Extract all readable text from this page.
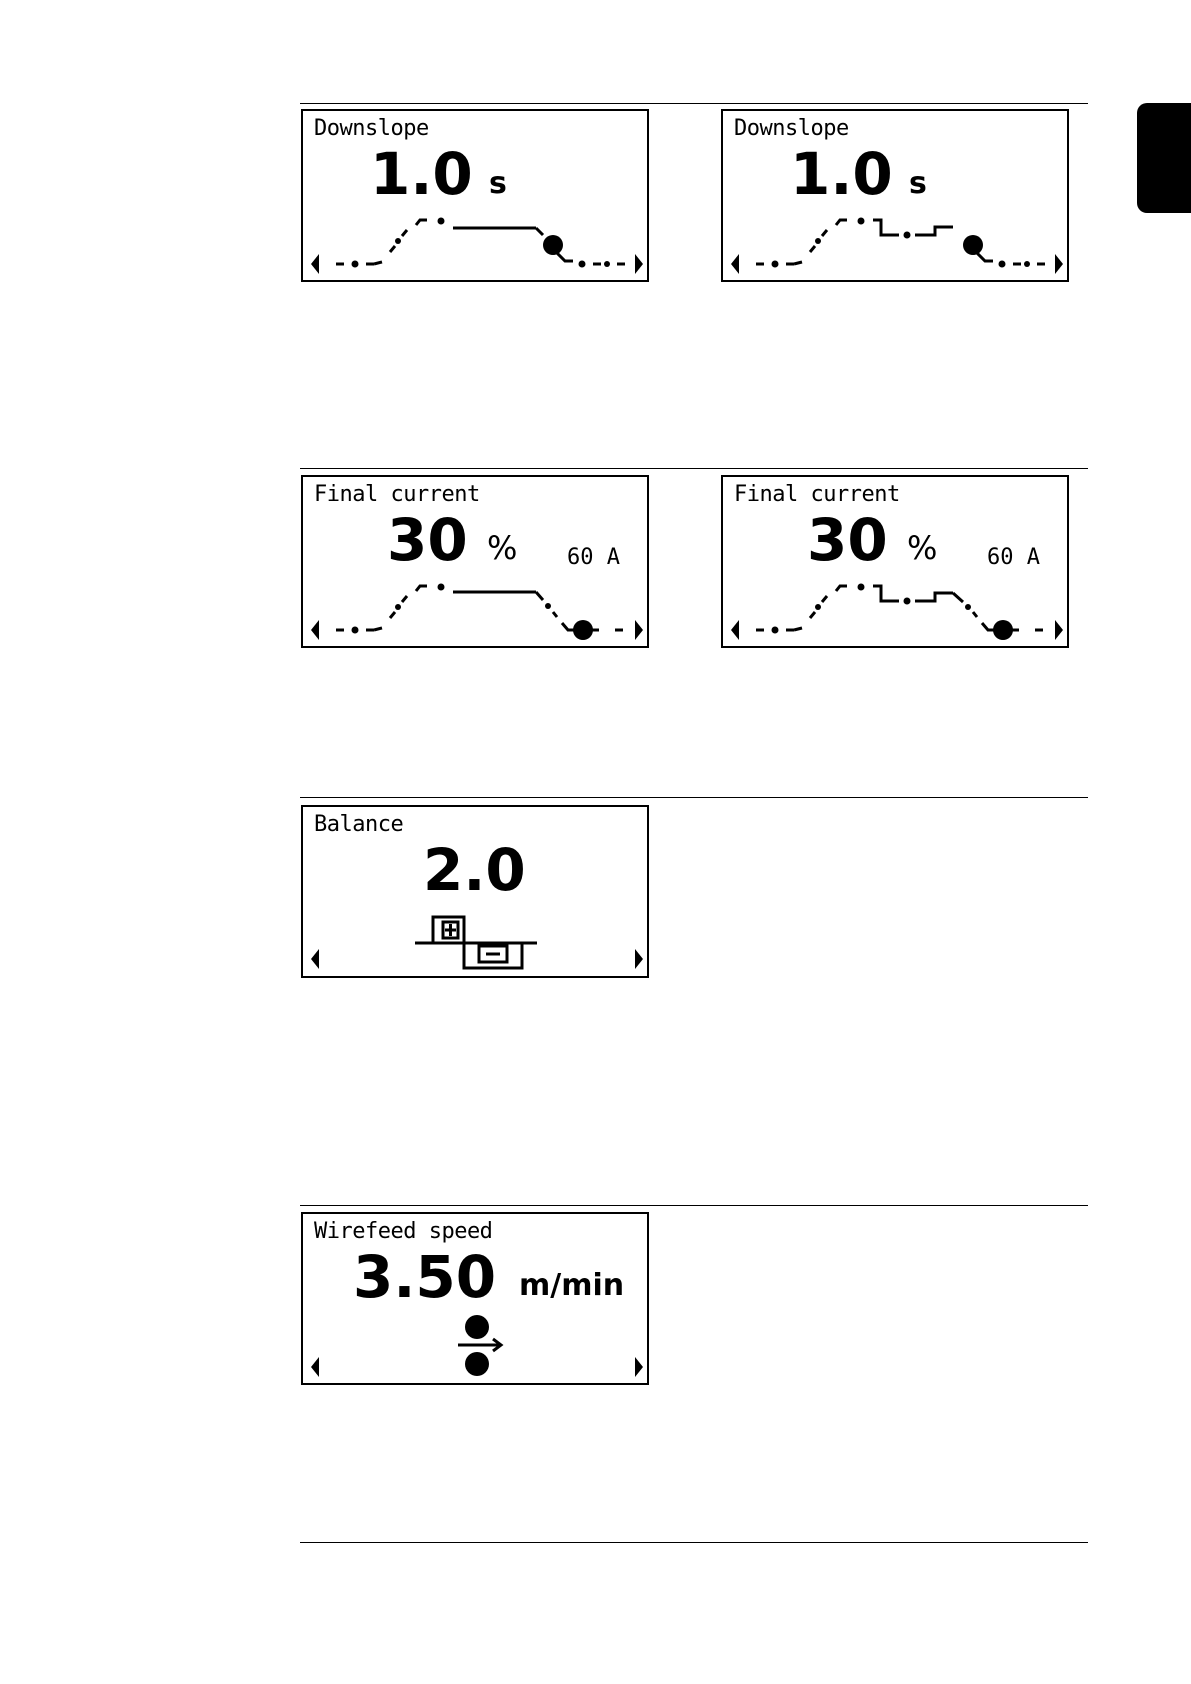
Downslope
1.0 s
Downslope
1.0 s
Final current
30 % 60 A
Final current
30 % 60 A
Balance
2.0
Wirefeed speed
3.50 m/min
